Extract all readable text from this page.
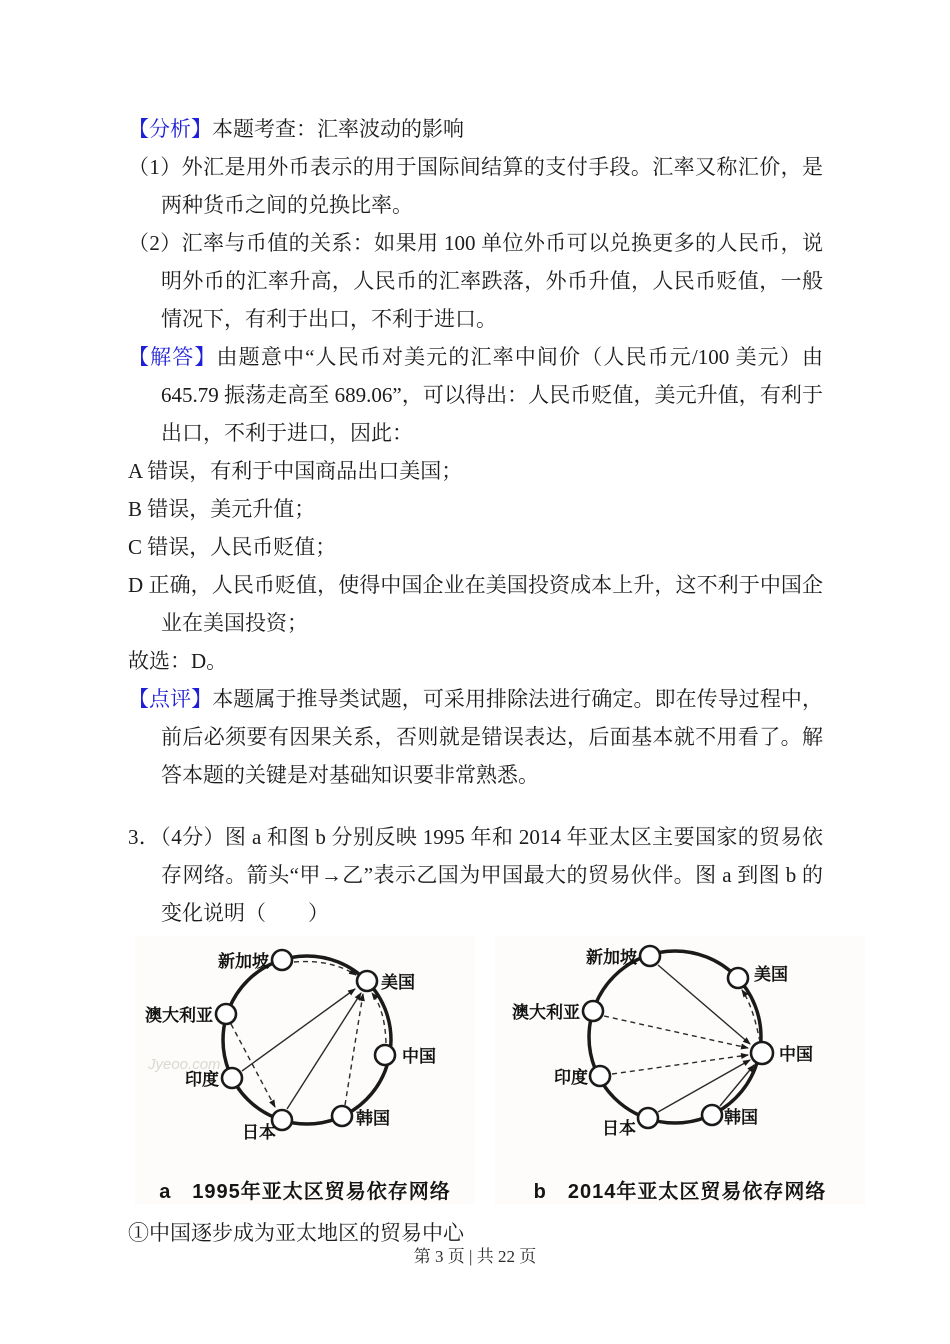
【分析】本题考查：汇率波动的影响

（1）外汇是用外币表示的用于国际间结算的支付手段。汇率又称汇价，是两种货币之间的兑换比率。

（2）汇率与币值的关系：如果用 100 单位外币可以兑换更多的人民币，说明外币的汇率升高，人民币的汇率跌落，外币升值，人民币贬值，一般情况下，有利于出口，不利于进口。

【解答】由题意中“人民币对美元的汇率中间价（人民币元/100 美元）由 645.79 振荡走高至 689.06”，可以得出：人民币贬值，美元升值，有利于出口，不利于进口，因此：

A 错误，有利于中国商品出口美国；

B 错误，美元升值；

C 错误，人民币贬值；

D 正确，人民币贬值，使得中国企业在美国投资成本上升，这不利于中国企业在美国投资；

故选：D。

【点评】本题属于推导类试题，可采用排除法进行确定。即在传导过程中，前后必须要有因果关系，否则就是错误表达，后面基本就不用看了。解答本题的关键是对基础知识要非常熟悉。

3．（4分）图 a 和图 b 分别反映 1995 年和 2014 年亚太区主要国家的贸易依存网络。箭头“甲→乙”表示乙国为甲国最大的贸易伙伴。图 a 到图 b 的变化说明（　　）

新加坡
美国
澳大利亚
中国
印度
日本
韩国
a　1995年亚太区贸易依存网络
新加坡
美国
澳大利亚
中国
印度
日本
韩国
b　2014年亚太区贸易依存网络

①中国逐步成为亚太地区的贸易中心

Jyeoo.com
第 3 页 | 共 22 页
